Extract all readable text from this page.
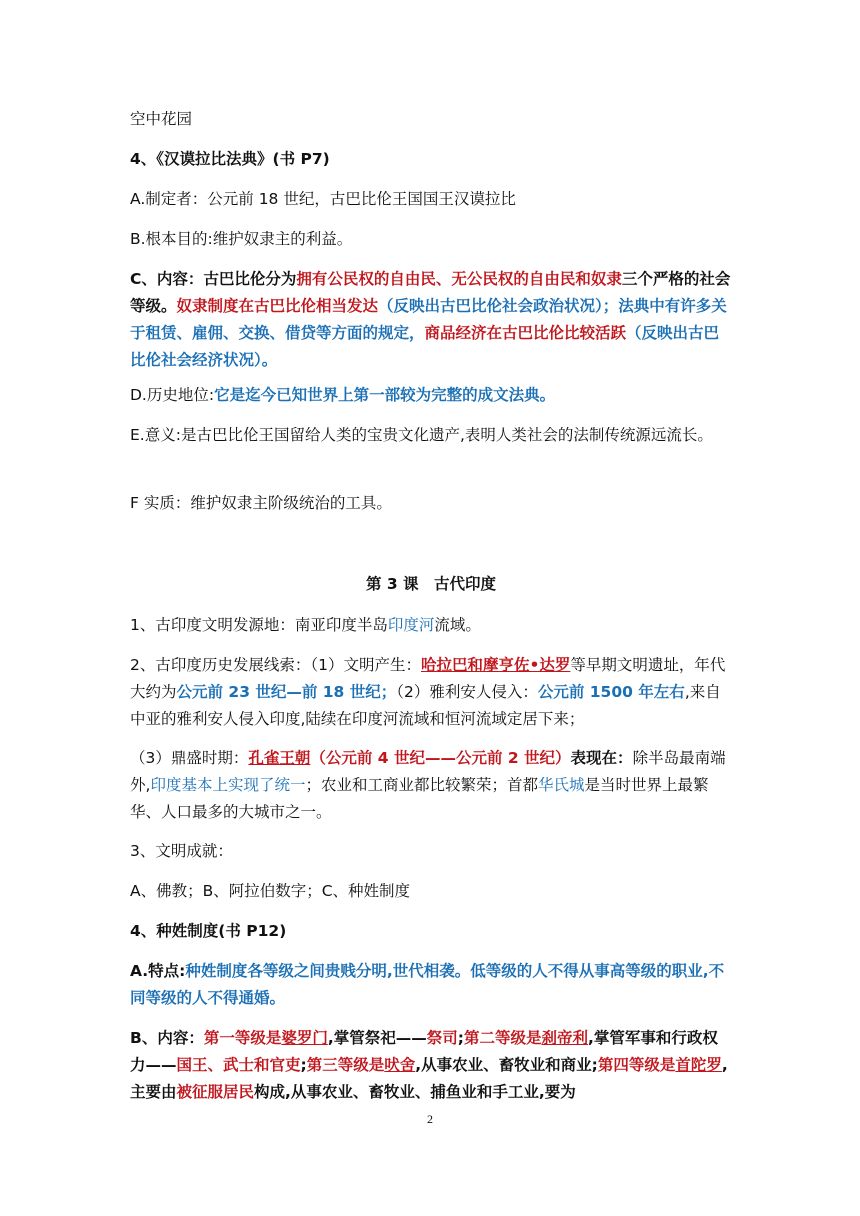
空中花园
4、《汉谟拉比法典》(书 P7)
A.制定者：公元前 18 世纪，古巴比伦王国国王汉谟拉比
B.根本目的:维护奴隶主的利益。
C、内容：古巴比伦分为拥有公民权的自由民、无公民权的自由民和奴隶三个严格的社会等级。奴隶制度在古巴比伦相当发达（反映出古巴比伦社会政治状况）；法典中有许多关于租赁、雇佣、交换、借贷等方面的规定，商品经济在古巴比伦比较活跃（反映出古巴比伦社会经济状况）。
D.历史地位:它是迄今已知世界上第一部较为完整的成文法典。
E.意义:是古巴比伦王国留给人类的宝贵文化遗产,表明人类社会的法制传统源远流长。
F 实质：维护奴隶主阶级统治的工具。
第 3 课　古代印度
1、古印度文明发源地：南亚印度半岛印度河流域。
2、古印度历史发展线索：（1）文明产生：哈拉巴和摩亨佐•达罗等早期文明遗址，年代大约为公元前 23 世纪—前 18 世纪；（2）雅利安人侵入：公元前 1500 年左右,来自中亚的雅利安人侵入印度,陆续在印度河流域和恒河流域定居下来；
（3）鼎盛时期：孔雀王朝（公元前 4 世纪——公元前 2 世纪）表现在：除半岛最南端外,印度基本上实现了统一；农业和工商业都比较繁荣；首都华氏城是当时世界上最繁华、人口最多的大城市之一。
3、文明成就：
A、佛教；B、阿拉伯数字；C、种姓制度
4、种姓制度(书 P12)
A.特点:种姓制度各等级之间贵贱分明,世代相袭。低等级的人不得从事高等级的职业,不同等级的人不得通婚。
B、内容：第一等级是婆罗门,掌管祭祀——祭司;第二等级是刹帝利,掌管军事和行政权力——国王、武士和官吏;第三等级是吠舍,从事农业、畜牧业和商业;第四等级是首陀罗,主要由被征服居民构成,从事农业、畜牧业、捕鱼业和手工业,要为
2
